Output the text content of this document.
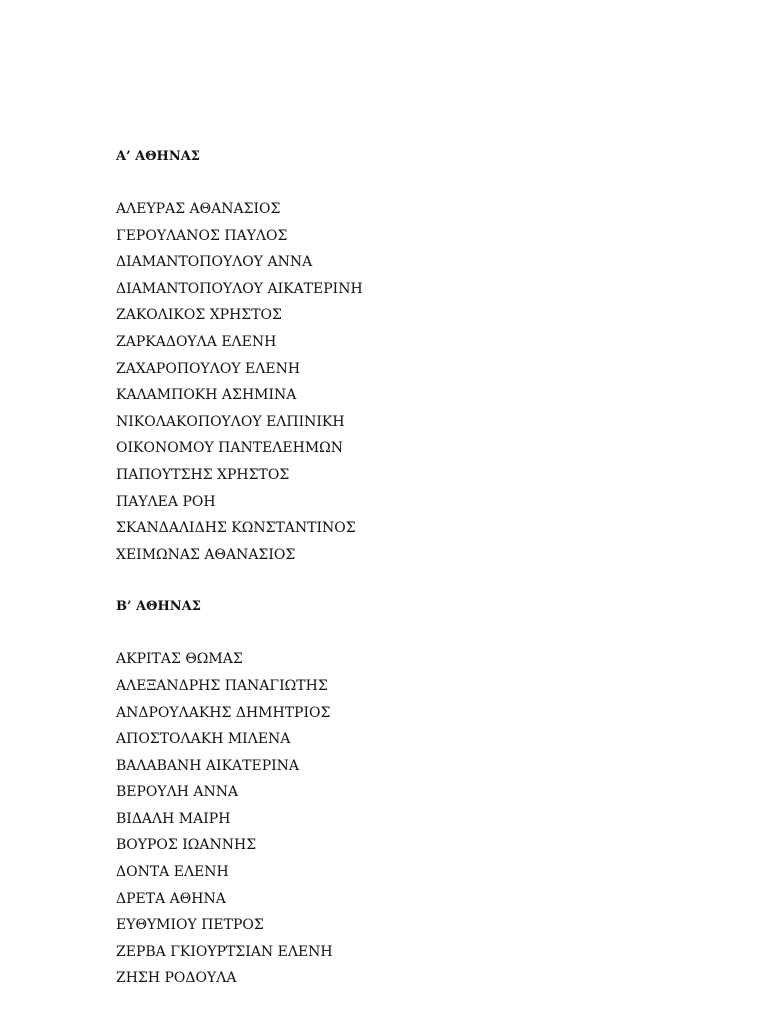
Α’ ΑΘΗΝΑΣ
ΑΛΕΥΡΑΣ ΑΘΑΝΑΣΙΟΣ
ΓΕΡΟΥΛΑΝΟΣ ΠΑΥΛΟΣ
ΔΙΑΜΑΝΤΟΠΟΥΛΟΥ ΑΝΝΑ
ΔΙΑΜΑΝΤΟΠΟΥΛΟΥ ΑΙΚΑΤΕΡΙΝΗ
ΖΑΚΟΛΙΚΟΣ ΧΡΗΣΤΟΣ
ΖΑΡΚΑΔΟΥΛΑ ΕΛΕΝΗ
ΖΑΧΑΡΟΠΟΥΛΟΥ ΕΛΕΝΗ
ΚΑΛΑΜΠΟΚΗ ΑΣΗΜΙΝΑ
ΝΙΚΟΛΑΚΟΠΟΥΛΟΥ ΕΛΠΙΝΙΚΗ
ΟΙΚΟΝΟΜΟΥ ΠΑΝΤΕΛΕΗΜΩΝ
ΠΑΠΟΥΤΣΗΣ ΧΡΗΣΤΟΣ
ΠΑΥΛΕΑ ΡΟΗ
ΣΚΑΝΔΑΛΙΔΗΣ ΚΩΝΣΤΑΝΤΙΝΟΣ
ΧΕΙΜΩΝΑΣ ΑΘΑΝΑΣΙΟΣ
Β’ ΑΘΗΝΑΣ
ΑΚΡΙΤΑΣ ΘΩΜΑΣ
ΑΛΕΞΑΝΔΡΗΣ ΠΑΝΑΓΙΩΤΗΣ
ΑΝΔΡΟΥΛΑΚΗΣ ΔΗΜΗΤΡΙΟΣ
ΑΠΟΣΤΟΛΑΚΗ ΜΙΛΕΝΑ
ΒΑΛΑΒΑΝΗ ΑΙΚΑΤΕΡΙΝΑ
ΒΕΡΟΥΛΗ ΑΝΝΑ
ΒΙΔΑΛΗ ΜΑΙΡΗ
ΒΟΥΡΟΣ ΙΩΑΝΝΗΣ
ΔΟΝΤΑ ΕΛΕΝΗ
ΔΡΕΤΑ ΑΘΗΝΑ
ΕΥΘΥΜΙΟΥ ΠΕΤΡΟΣ
ΖΕΡΒΑ ΓΚΙΟΥΡΤΣΙΑΝ ΕΛΕΝΗ
ΖΗΣΗ ΡΟΔΟΥΛΑ
